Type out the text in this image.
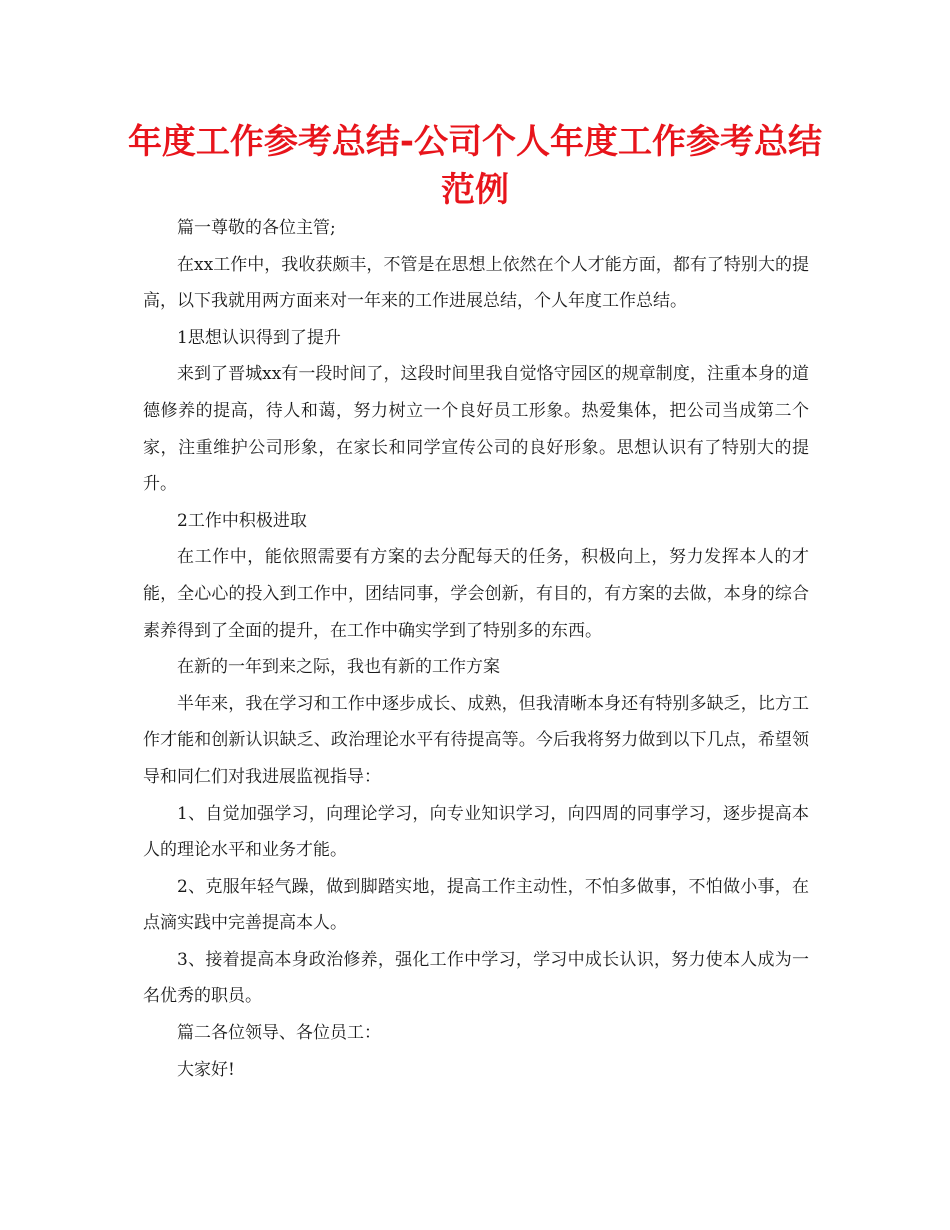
年度工作参考总结-公司个人年度工作参考总结范例

篇一尊敬的各位主管;

在xx工作中，我收获颇丰，不管是在思想上依然在个人才能方面，都有了特别大的提高，以下我就用两方面来对一年来的工作进展总结，个人年度工作总结。

1思想认识得到了提升

来到了晋城xx有一段时间了，这段时间里我自觉恪守园区的规章制度，注重本身的道德修养的提高，待人和蔼，努力树立一个良好员工形象。热爱集体，把公司当成第二个家，注重维护公司形象，在家长和同学宣传公司的良好形象。思想认识有了特别大的提升。

2工作中积极进取

在工作中，能依照需要有方案的去分配每天的任务，积极向上，努力发挥本人的才能，全心心的投入到工作中，团结同事，学会创新，有目的，有方案的去做，本身的综合素养得到了全面的提升，在工作中确实学到了特别多的东西。

在新的一年到来之际，我也有新的工作方案

半年来，我在学习和工作中逐步成长、成熟，但我清晰本身还有特别多缺乏，比方工作才能和创新认识缺乏、政治理论水平有待提高等。今后我将努力做到以下几点，希望领导和同仁们对我进展监视指导：

1、自觉加强学习，向理论学习，向专业知识学习，向四周的同事学习，逐步提高本人的理论水平和业务才能。

2、克服年轻气躁，做到脚踏实地，提高工作主动性，不怕多做事，不怕做小事，在点滴实践中完善提高本人。

3、接着提高本身政治修养，强化工作中学习，学习中成长认识，努力使本人成为一名优秀的职员。

篇二各位领导、各位员工：

大家好!
